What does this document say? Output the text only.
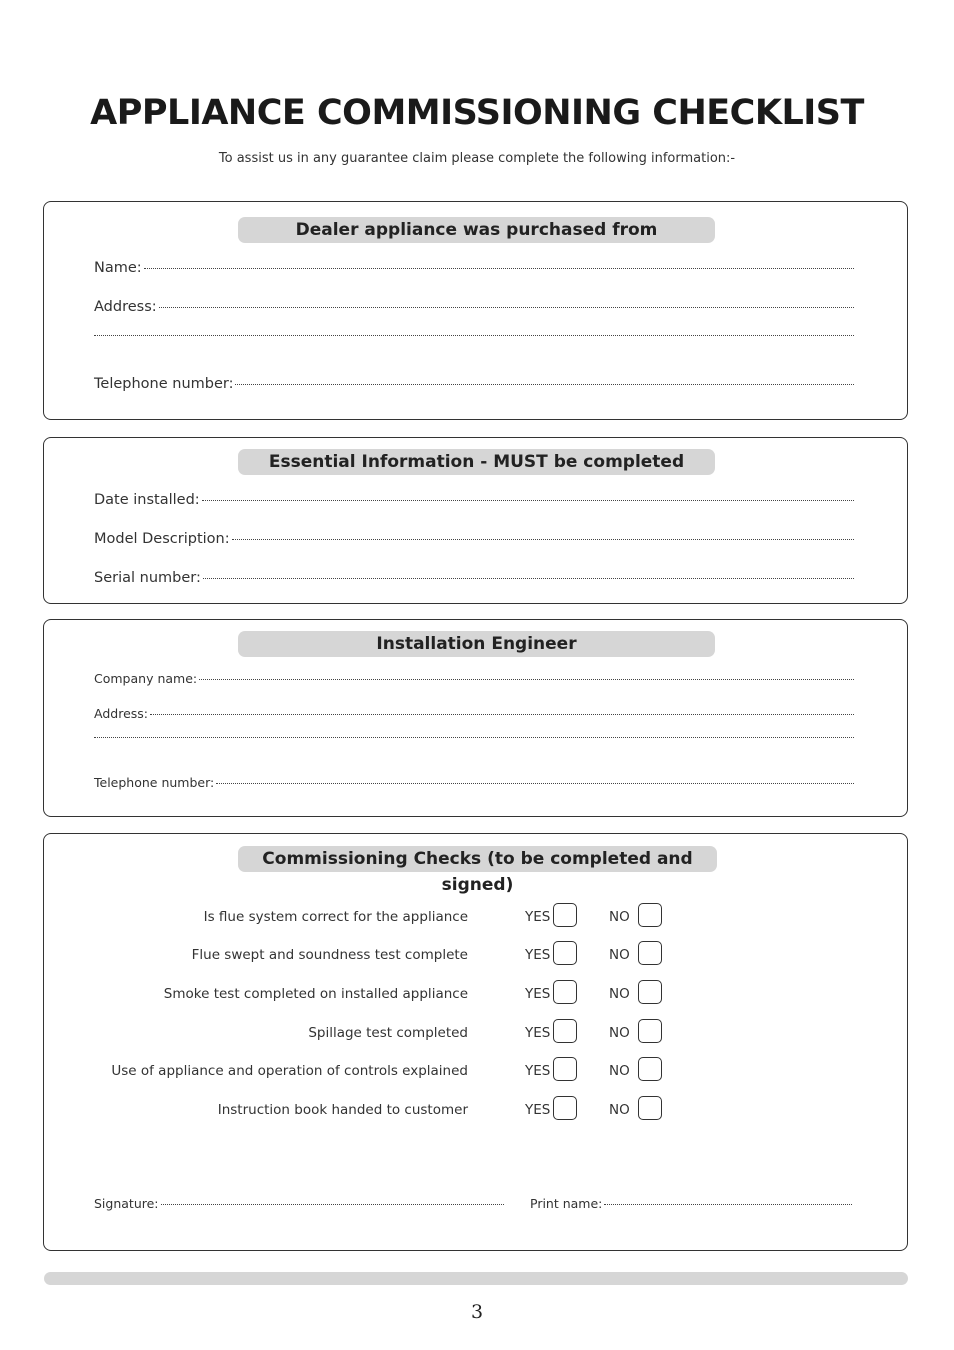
APPLIANCE COMMISSIONING CHECKLIST
To assist us in any guarantee claim please complete the following information:-
Dealer appliance was purchased from
Name:
Address:
Telephone number:
Essential Information - MUST be completed
Date installed:
Model Description:
Serial number:
Installation Engineer
Company name:
Address:
Telephone number:
Commissioning Checks (to be completed and signed)
Is flue system correct for the appliance	YES	NO
Flue swept and soundness test complete	YES	NO
Smoke test completed on installed appliance	YES	NO
Spillage test completed	YES	NO
Use of appliance and operation of controls explained	YES	NO
Instruction book handed to customer	YES	NO
Signature:	Print name:
3
